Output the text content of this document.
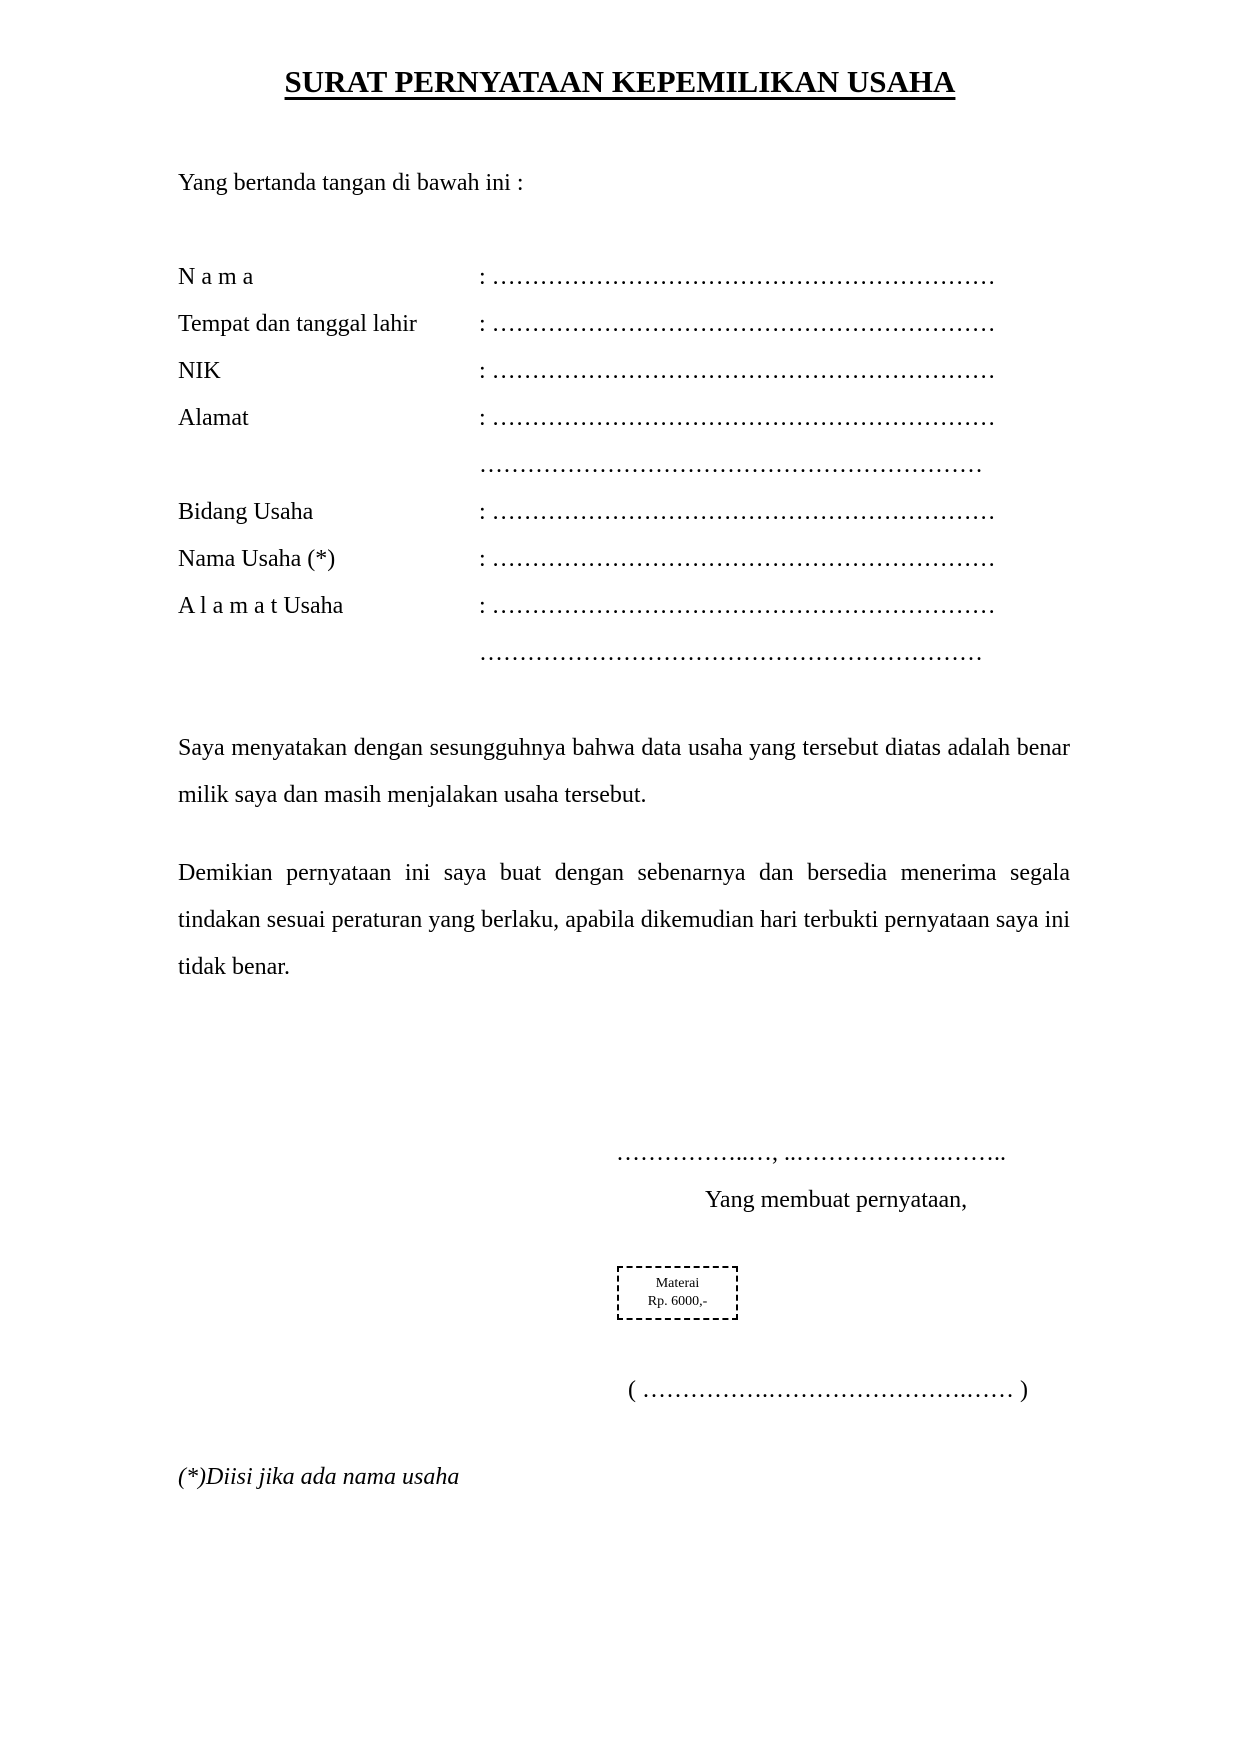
SURAT PERNYATAAN KEPEMILIKAN USAHA
Yang bertanda tangan di bawah ini :
N a m a	: ………………………………………………………
Tempat dan tanggal lahir	: ………………………………………………………
NIK	: ………………………………………………………
Alamat	: ………………………………………………………
………………………………………………………
Bidang Usaha	: ………………………………………………………
Nama Usaha (*)	: ………………………………………………………
A l a m a t Usaha	: ………………………………………………………
………………………………………………………
Saya menyatakan dengan sesungguhnya bahwa data usaha yang tersebut diatas adalah benar milik saya dan masih menjalakan usaha tersebut.
Demikian pernyataan ini saya buat dengan sebenarnya dan bersedia menerima segala tindakan sesuai peraturan yang berlaku, apabila dikemudian hari terbukti pernyataan saya ini tidak benar.
……………..…, ..……………….……..
Yang membuat pernyataan,
Materai
Rp. 6000,-
( …………….…………………….…… )
(*)Diisi jika ada nama usaha
